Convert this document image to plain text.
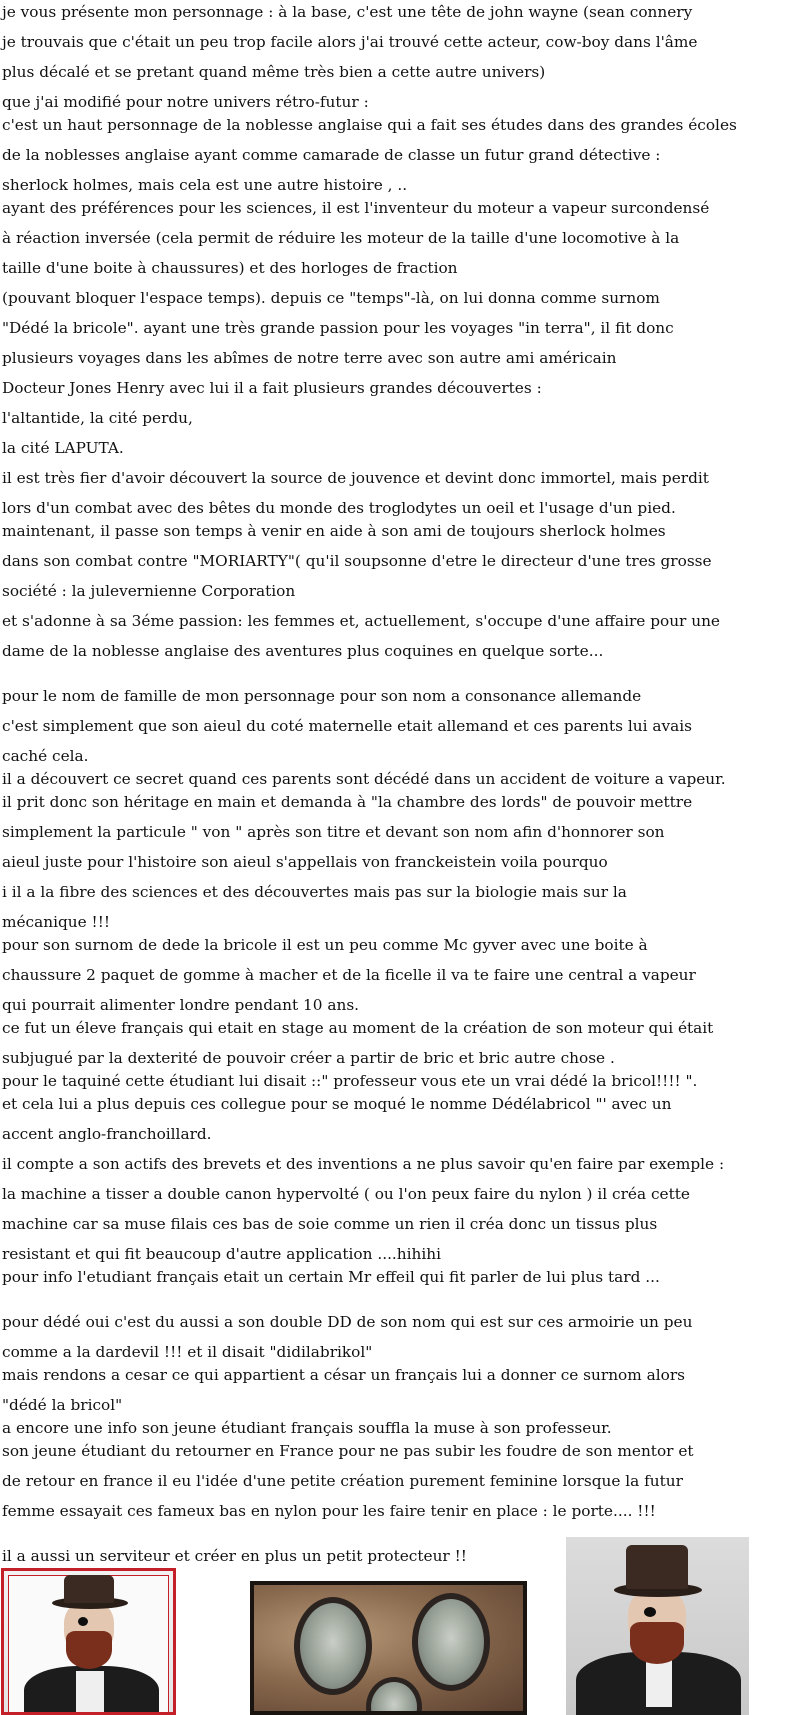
je vous présente mon personnage : à la base, c'est une tête de john wayne (sean connery
je trouvais que c'était un peu trop facile alors j'ai trouvé cette acteur, cow-boy dans l'âme
plus décalé et se pretant quand même très bien a cette autre univers)
que j'ai modifié pour notre univers rétro-futur :
c'est un haut personnage de la noblesse anglaise qui a fait ses études dans des grandes écoles
de la noblesses anglaise ayant comme camarade de classe un futur grand détective :
sherlock holmes, mais cela est une autre histoire , ..
ayant des préférences pour les sciences, il est l'inventeur du moteur a vapeur surcondensé
à réaction inversée (cela permit de réduire les moteur de la taille d'une locomotive à la
taille d'une boite à chaussures) et des horloges de fraction
(pouvant bloquer l'espace temps). depuis ce "temps"-là, on lui donna comme surnom
"Dédé la bricole". ayant une très grande passion pour les voyages "in terra", il fit donc
plusieurs voyages dans les abîmes de notre terre avec son autre ami américain
Docteur Jones Henry avec lui il a fait plusieurs grandes découvertes :
l'altantide, la cité perdu,
la cité LAPUTA.
il est très fier d'avoir découvert la source de jouvence et devint donc immortel, mais perdit
lors d'un combat avec des bêtes du monde des troglodytes un oeil et l'usage d'un pied.
maintenant, il passe son temps à venir en aide à son ami de toujours sherlock holmes
dans son combat contre "MORIARTY"( qu'il soupsonne d'etre le directeur d'une tres grosse
société : la julevernienne Corporation
et s'adonne à sa 3éme passion: les femmes et, actuellement, s'occupe d'une affaire pour une
dame de la noblesse anglaise des aventures plus coquines en quelque sorte...
pour le nom de famille de mon personnage pour son nom a consonance allemande
c'est simplement que son aieul du coté maternelle etait allemand et ces parents lui avais
caché cela.
il a découvert ce secret quand ces parents sont décédé dans un accident de voiture a vapeur.
il prit donc son héritage en main et demanda à "la chambre des lords" de pouvoir mettre
simplement la particule " von " après son titre et devant son nom afin d'honnorer son
aieul juste pour l'histoire son aieul s'appellais von franckeistein voila pourquo
i il a la fibre des sciences et des découvertes mais pas sur la biologie mais sur la
mécanique !!!
pour son surnom de dede la bricole il est un peu comme Mc gyver avec une boite à
chaussure 2 paquet de gomme à macher et de la ficelle il va te faire une central a vapeur
qui pourrait alimenter londre pendant 10 ans.
ce fut un éleve français qui etait en stage au moment de la création de son moteur qui était
subjugué par la dexterité de pouvoir créer a partir de bric et bric autre chose .
pour le taquiné cette étudiant lui disait ::" professeur vous ete un vrai dédé la bricol!!!! ".
et cela lui a plus depuis ces collegue pour se moqué le nomme Dédélabricol "' avec un
accent anglo-franchoillard.
il compte a son actifs des brevets et des inventions a ne plus savoir qu'en faire par exemple :
la machine a tisser a double canon hypervolté ( ou l'on peux faire du nylon ) il créa cette
machine car sa muse filais ces bas de soie comme un rien il créa donc un tissus plus
resistant et qui fit beaucoup d'autre application ....hihihi
pour info l'etudiant français etait un certain Mr effeil qui fit parler de lui plus tard ...
pour dédé oui c'est du aussi a son double DD de son nom qui est sur ces armoirie un peu
comme a la dardevil !!! et il disait "didilabrikol"
mais rendons a cesar ce qui appartient a césar un français lui a donner ce surnom alors
"dédé la bricol"
a encore une info son jeune étudiant français souffla la muse à son professeur.
son jeune étudiant du retourner en France pour ne pas subir les foudre de son mentor et
de retour en france il eu l'idée d'une petite création purement feminine lorsque la futur
femme essayait ces fameux bas en nylon pour les faire tenir en place : le porte.... !!!
il a aussi un serviteur et créer en plus un petit protecteur !!
